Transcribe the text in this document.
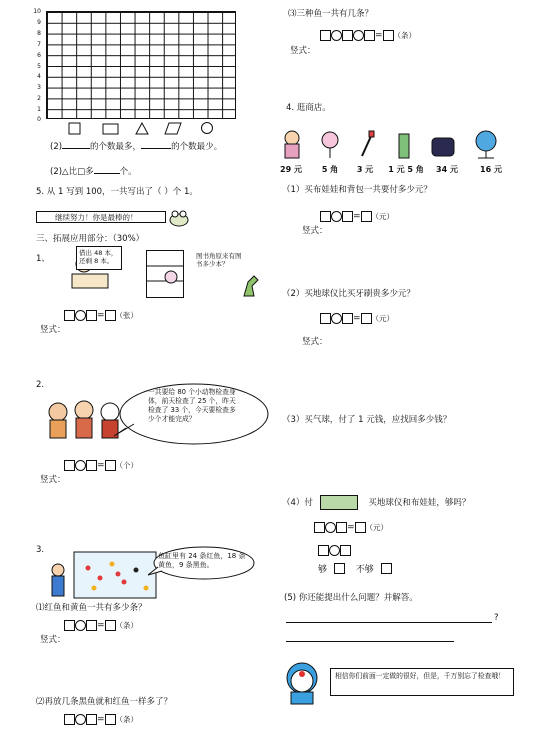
10
9
8
7
6
5
4
3
2
1
0
(2)	的个数最多，	的个数最少。
(2)△比□多	个。
5. 从 1 写到 100，一共写出了（ ）个 1。
继续努力！你是最棒的！
三、拓展应用部分：（30%）
1、
借出 48 本，还剩 8 本。
图书角原来有图书多少本？
= （张）
竖式：
2.
一共要给 80 个小动物检查身体，前天检查了 25 个，昨天检查了 33 个，今天要检查多少个才能完成？
= （个）
竖式：
3.
鱼缸里有 24 条红鱼，18 条黄鱼，9 条黑鱼。
⑴红鱼和黄鱼一共有多少条？
= （条）
竖式：
⑵再放几条黑鱼就和红鱼一样多了？
= （条）
⑶三种鱼一共有几条？
= （条）
竖式：
4. 逛商店。
29 元	5 角	3 元	1 元 5 角	34 元	16 元
（1）买布娃娃和背包一共要付多少元？
= （元）
竖式：
（2）买地球仪比买牙刷贵多少元？
= （元）
竖式：
（3）买气球，付了 1 元钱，应找回多少钱？
（4）付	买地球仪和布娃娃，够吗？
= （元）
够	不够
(5) 你还能提出什么问题？并解答。
?
相信你们前面一定做的很好，但是，千万别忘了检查哦！
